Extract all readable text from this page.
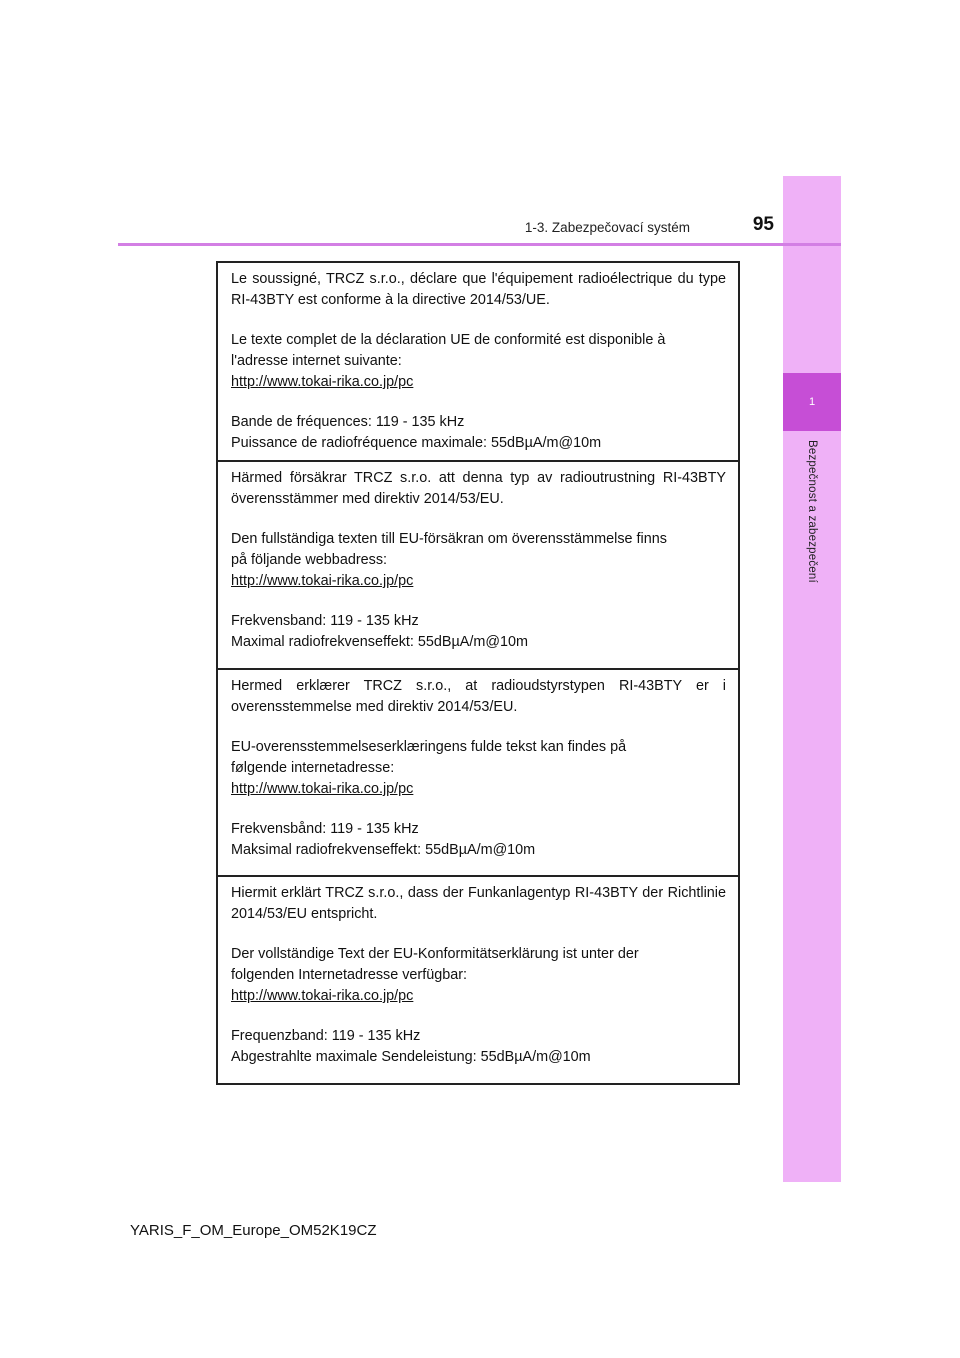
1
Bezpečnost a zabezpečení
1-3. Zabezpečovací systém	95

Le soussigné, TRCZ s.r.o., déclare que l'équipement radioélectrique du type RI-43BTY est conforme à la directive 2014/53/UE.

Le texte complet de la déclaration UE de conformité est disponible à
l'adresse internet suivante:
http://www.tokai-rika.co.jp/pc

Bande de fréquences: 119 - 135 kHz
Puissance de radiofréquence maximale: 55dBµA/m@10m

Härmed försäkrar TRCZ s.r.o. att denna typ av radioutrustning RI-43BTY överensstämmer med direktiv 2014/53/EU.

Den fullständiga texten till EU-försäkran om överensstämmelse finns
på följande webbadress:
http://www.tokai-rika.co.jp/pc

Frekvensband: 119 - 135 kHz
Maximal radiofrekvenseffekt: 55dBµA/m@10m

Hermed erklærer TRCZ s.r.o., at radioudstyrstypen RI-43BTY er i overensstemmelse med direktiv 2014/53/EU.

EU-overensstemmelseserklæringens fulde tekst kan findes på
følgende internetadresse:
http://www.tokai-rika.co.jp/pc

Frekvensbånd: 119 - 135 kHz
Maksimal radiofrekvenseffekt: 55dBµA/m@10m

Hiermit erklärt TRCZ s.r.o., dass der Funkanlagentyp RI-43BTY der Richtlinie 2014/53/EU entspricht.

Der vollständige Text der EU-Konformitätserklärung ist unter der
folgenden Internetadresse verfügbar:
http://www.tokai-rika.co.jp/pc

Frequenzband: 119 - 135 kHz
Abgestrahlte maximale Sendeleistung: 55dBµA/m@10m

YARIS_F_OM_Europe_OM52K19CZ
